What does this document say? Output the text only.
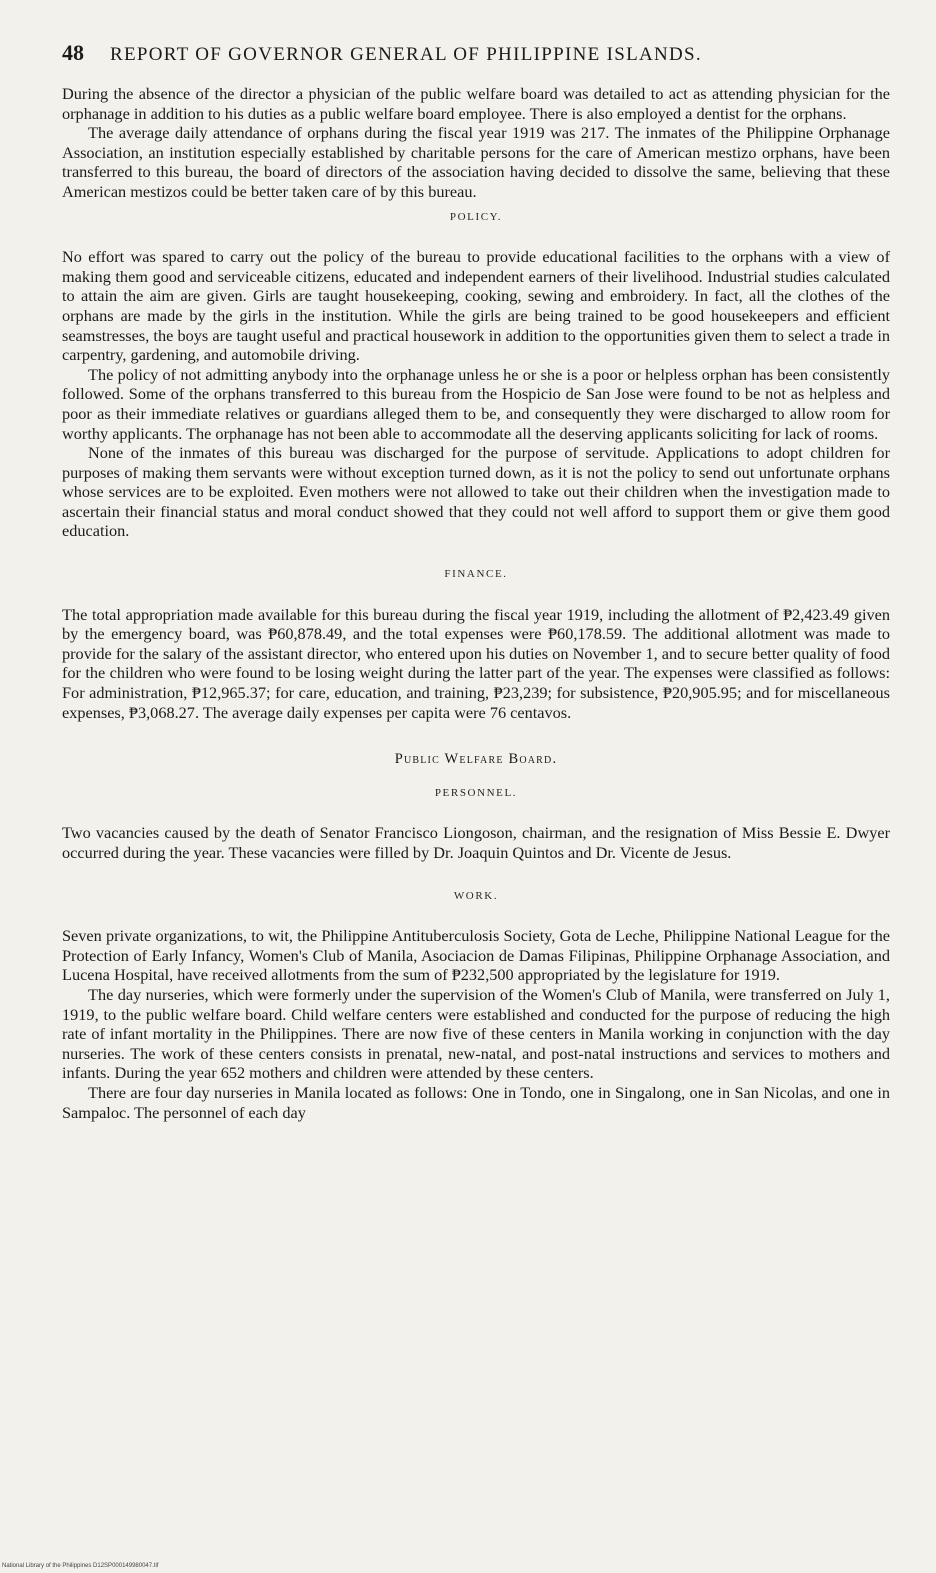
48 REPORT OF GOVERNOR GENERAL OF PHILIPPINE ISLANDS.

During the absence of the director a physician of the public welfare board was detailed to act as attending physician for the orphanage in addition to his duties as a public welfare board employee. There is also employed a dentist for the orphans.

The average daily attendance of orphans during the fiscal year 1919 was 217. The inmates of the Philippine Orphanage Association, an institution especially established by charitable persons for the care of American mestizo orphans, have been transferred to this bureau, the board of directors of the association having decided to dissolve the same, believing that these American mestizos could be better taken care of by this bureau.

POLICY.

No effort was spared to carry out the policy of the bureau to provide educational facilities to the orphans with a view of making them good and serviceable citizens, educated and independent earners of their livelihood. Industrial studies calculated to attain the aim are given. Girls are taught housekeeping, cooking, sewing and embroidery. In fact, all the clothes of the orphans are made by the girls in the institution. While the girls are being trained to be good housekeepers and efficient seamstresses, the boys are taught useful and practical housework in addition to the opportunities given them to select a trade in carpentry, gardening, and automobile driving.

The policy of not admitting anybody into the orphanage unless he or she is a poor or helpless orphan has been consistently followed. Some of the orphans transferred to this bureau from the Hospicio de San Jose were found to be not as helpless and poor as their immediate relatives or guardians alleged them to be, and consequently they were discharged to allow room for worthy applicants. The orphanage has not been able to accommodate all the deserving applicants soliciting for lack of rooms.

None of the inmates of this bureau was discharged for the purpose of servitude. Applications to adopt children for purposes of making them servants were without exception turned down, as it is not the policy to send out unfortunate orphans whose services are to be exploited. Even mothers were not allowed to take out their children when the investigation made to ascertain their financial status and moral conduct showed that they could not well afford to support them or give them good education.

FINANCE.

The total appropriation made available for this bureau during the fiscal year 1919, including the allotment of ₱2,423.49 given by the emergency board, was ₱60,878.49, and the total expenses were ₱60,178.59. The additional allotment was made to provide for the salary of the assistant director, who entered upon his duties on November 1, and to secure better quality of food for the children who were found to be losing weight during the latter part of the year. The expenses were classified as follows: For administration, ₱12,965.37; for care, education, and training, ₱23,239; for subsistence, ₱20,905.95; and for miscellaneous expenses, ₱3,068.27. The average daily expenses per capita were 76 centavos.

Public Welfare Board.
PERSONNEL.

Two vacancies caused by the death of Senator Francisco Liongoson, chairman, and the resignation of Miss Bessie E. Dwyer occurred during the year. These vacancies were filled by Dr. Joaquin Quintos and Dr. Vicente de Jesus.

WORK.

Seven private organizations, to wit, the Philippine Antituberculosis Society, Gota de Leche, Philippine National League for the Protection of Early Infancy, Women's Club of Manila, Asociacion de Damas Filipinas, Philippine Orphanage Association, and Lucena Hospital, have received allotments from the sum of ₱232,500 appropriated by the legislature for 1919.

The day nurseries, which were formerly under the supervision of the Women's Club of Manila, were transferred on July 1, 1919, to the public welfare board. Child welfare centers were established and conducted for the purpose of reducing the high rate of infant mortality in the Philippines. There are now five of these centers in Manila working in conjunction with the day nurseries. The work of these centers consists in prenatal, new-natal, and post-natal instructions and services to mothers and infants. During the year 652 mothers and children were attended by these centers.

There are four day nurseries in Manila located as follows: One in Tondo, one in Singalong, one in San Nicolas, and one in Sampaloc. The personnel of each day

National Library of the Philippines D12SP000149980047.tif
